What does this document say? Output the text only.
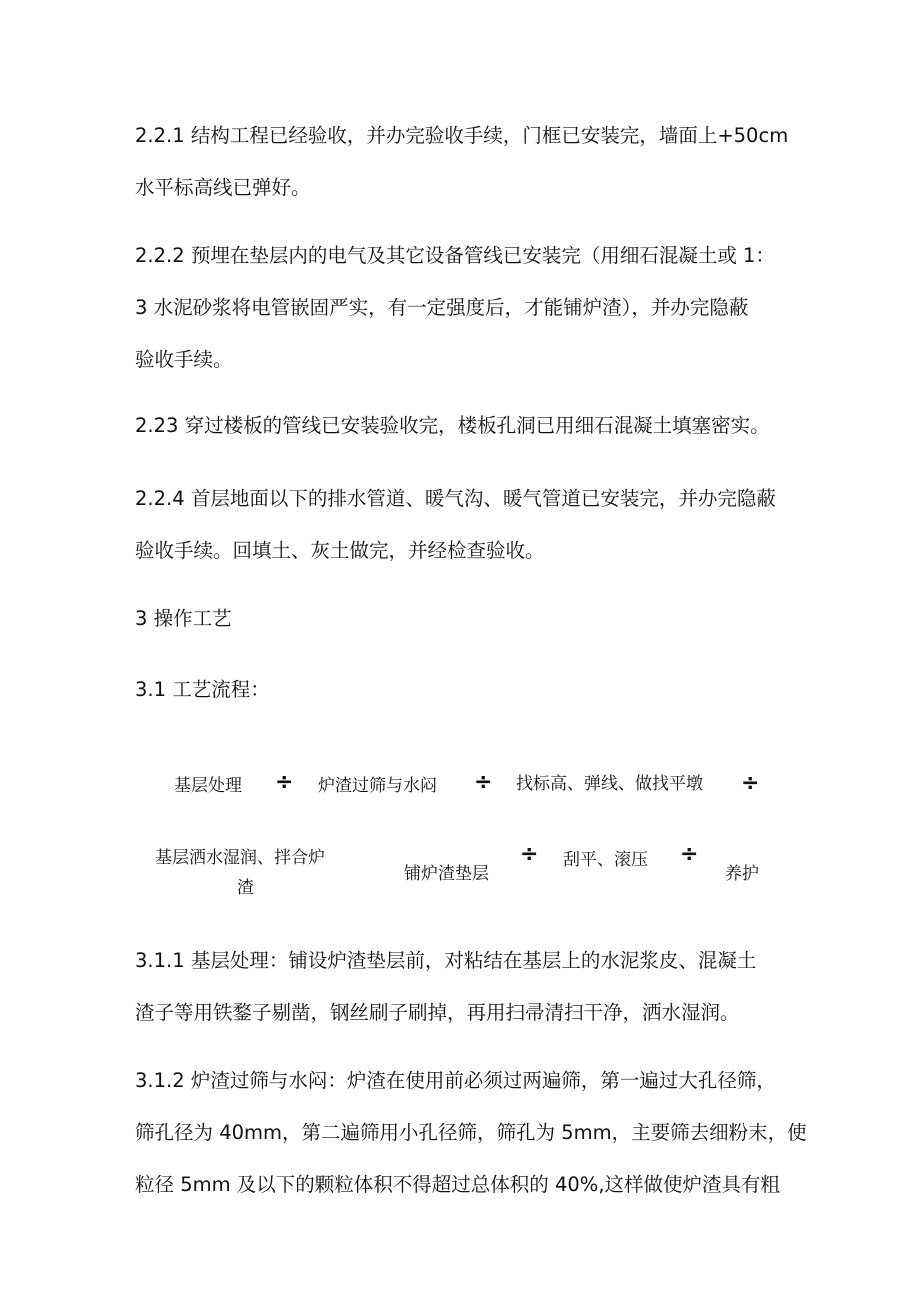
2.2.1 结构工程已经验收，并办完验收手续，门框已安装完，墙面上+50cm
水平标高线已弹好。
2.2.2 预埋在垫层内的电气及其它设备管线已安装完（用细石混凝土或 1：
3 水泥砂浆将电管嵌固严实，有一定强度后，才能铺炉渣），并办完隐蔽
验收手续。
2.23 穿过楼板的管线已安装验收完，楼板孔洞已用细石混凝土填塞密实。
2.2.4 首层地面以下的排水管道、暖气沟、暖气管道已安装完，并办完隐蔽
验收手续。回填土、灰土做完，并经检查验收。
3 操作工艺
3.1 工艺流程：
基层处理 ÷ 炉渣过筛与水闷 ÷ 找标高、弹线、做找平墩 ÷
基层洒水湿润、拌合炉
渣
铺炉渣垫层
÷ 刮平、滚压 ÷
养护
3.1.1 基层处理：铺设炉渣垫层前，对粘结在基层上的水泥浆皮、混凝土
渣子等用铁鍪子剔凿，钢丝刷子刷掉，再用扫帚清扫干净，洒水湿润。
3.1.2 炉渣过筛与水闷：炉渣在使用前必须过两遍筛，第一遍过大孔径筛，
筛孔径为 40mm，第二遍筛用小孔径筛，筛孔为 5mm，主要筛去细粉末，使
粒径 5mm 及以下的颗粒体积不得超过总体积的 40%,这样做使炉渣具有粗
